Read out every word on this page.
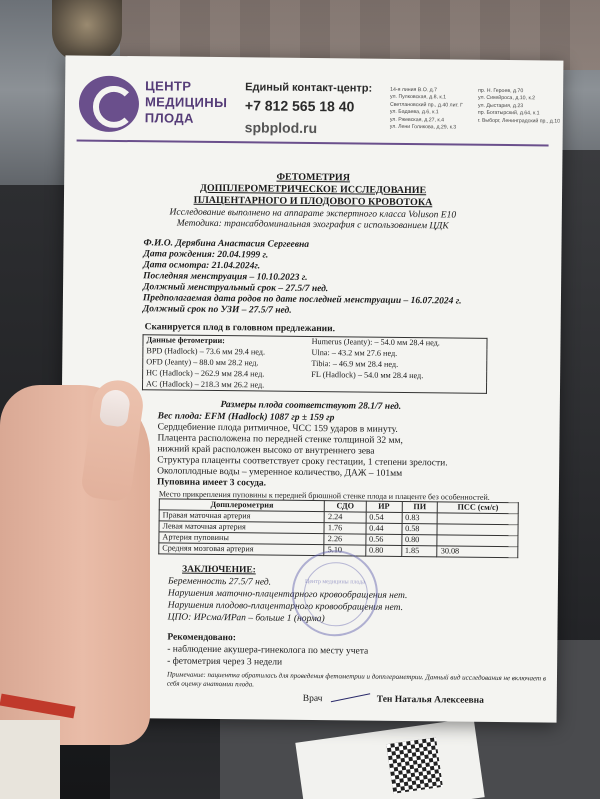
ЦЕНТР
МЕДИЦИНЫ
ПЛОДА
Единый контакт-центр:
+7 812 565 18 40
spbplod.ru
14-я линия В.О. д.7
ул. Пулковская, д.8, к.1
Светлановский пр., д.40 лит. Г
ул. Бадаева, д.6, к.1
ул. Ржевская, д.27, к.4
ул. Лени Голикова, д.29, к.3
пр. Н. Героев, д.70
ул. Сикейроса, д.10, к.2
ул. Дыстария, д.23
пр. Богатырский, д.64, к.1
г. Выборг, Ленинградский пр., д.10
ФЕТОМЕТРИЯ
ДОППЛЕРОМЕТРИЧЕСКОЕ ИССЛЕДОВАНИЕ
ПЛАЦЕНТАРНОГО И ПЛОДОВОГО КРОВОТОКА
Исследование выполнено на аппарате экспертного класса Voluson E10
Методика: трансабдоминальная эхография с использованием ЦДК
Ф.И.О. Дерябина Анастасия Сергеевна
Дата рождения: 20.04.1999 г.
Дата осмотра: 21.04.2024г.
Последняя менструация – 10.10.2023 г.
Должный менструальный срок – 27.5/7 нед.
Предполагаемая дата родов по дате последней менструации – 16.07.2024 г.
Должный срок по УЗИ – 27.5/7 нед.
Сканируется плод в головном предлежании.
Данные фетометрии:	Humerus (Jeanty): – 54.0 мм 28.4 нед.
BPD (Hadlock) – 73.6 мм 29.4 нед.	Ulna: – 43.2 мм 27.6 нед.
OFD (Jeanty) – 88.0 мм 28.2 нед.	Tibia: – 46.9 мм 28.4 нед.
HC (Hadlock) – 262.9 мм 28.4 нед.	FL (Hadlock) – 54.0 мм 28.4 нед.
AC (Hadlock) – 218.3 мм 26.2 нед.	
Размеры плода соответствуют 28.1/7 нед.
Вес плода: EFM (Hadlock) 1087 гр ± 159 гр
Сердцебиение плода ритмичное, ЧСС 159 ударов в минуту.
Плацента расположена по передней стенке толщиной 32 мм,
нижний край расположен высоко от внутреннего зева
Структура плаценты соответствует сроку гестации, 1 степени зрелости.
Околоплодные воды – умеренное количество, ДАЖ – 101мм
Пуповина имеет 3 сосуда.
Место прикрепления пуповины к передней брюшной стенке плода и плаценте без особенностей.
Допплерометрия	СДО	ИР	ПИ	ПСС (см/с)
Правая маточная артерия	2.24	0.54	0.83	
Левая маточная артерия	1.76	0.44	0.58	
Артерия пуповины	2.26	0.56	0.80	
Средняя мозговая артерия	5.10	0.80	1.85	30.08
ЗАКЛЮЧЕНИЕ:
Беременность 27.5/7 нед.
Нарушения маточно-плацентарного кровообращения нет.
Нарушения плодово-плацентарного кровообращения нет.
ЦПО: ИРсма/ИРап – больше 1 (норма)
Рекомендовано:
- наблюдение акушера-гинеколога по месту учета
- фетометрия через 3 недели
Примечание: пациентка обратилась для проведения фетометрии и допплерометрии. Данный вид исследования не включает в себя оценку анатомии плода.
Центр медицины плода
Врач	Тен Наталья Алексеевна
